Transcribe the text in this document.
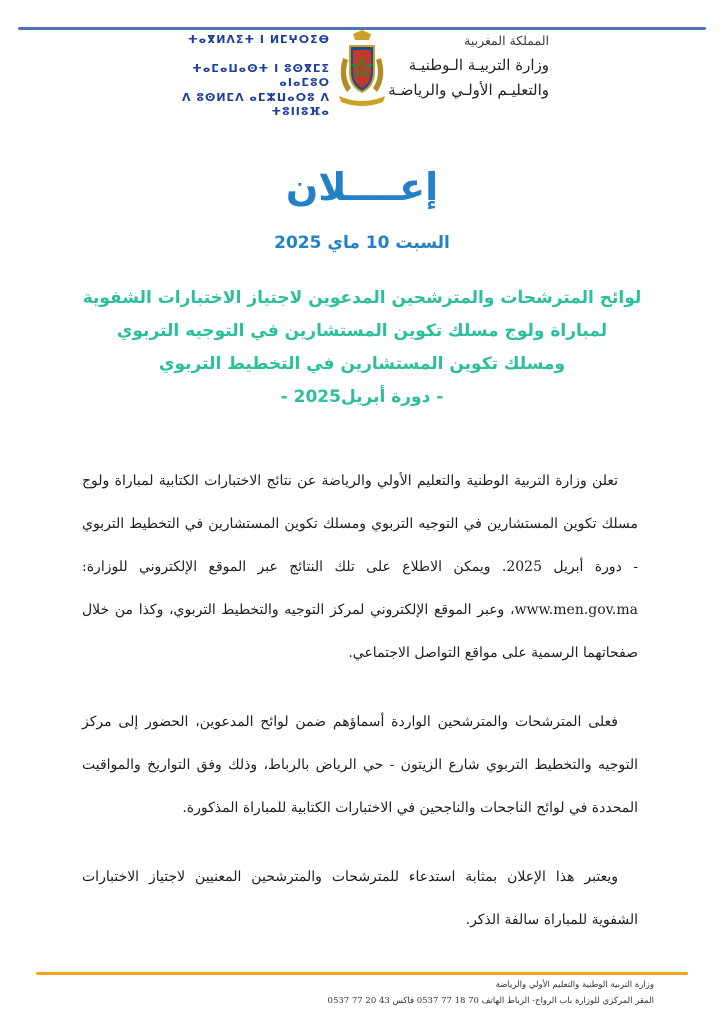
ⵜⴰⴳⵍⴷⵉⵜ ⵏ ⵍⵎⵖⵔⵉⴱ
ⵜⴰⵎⴰⵡⴰⵙⵜ ⵏ ⵓⵙⴳⵎⵉ ⴰⵏⴰⵎⵓⵔ
ⴷ ⵓⵙⵍⵎⴷ ⴰⵎⵣⵡⴰⵔⵓ ⴷ ⵜⵓⵏⵏⵓⴼⴰ
المملكة المغربية
وزارة التربيـة الـوطنيـة
والتعليـم الأولـي والرياضـة
إعــــلان
السبت 10 ماي 2025
لوائح المترشحات والمترشحين المدعوين لاجتياز الاختبارات الشفوية
لمباراة ولوج مسلك تكوين المستشارين في التوجيه التربوي
ومسلك تكوين المستشارين في التخطيط التربوي
- دورة أبريل2025 -

تعلن وزارة التربية الوطنية والتعليم الأولي والرياضة عن نتائج الاختبارات الكتابية لمباراة ولوج مسلك تكوين المستشارين في التوجيه التربوي ومسلك تكوين المستشارين في التخطيط التربوي - دورة أبريل 2025. ويمكن الاطلاع على تلك النتائج عبر الموقع الإلكتروني للوزارة: www.men.gov.ma، وعبر الموقع الإلكتروني لمركز التوجيه والتخطيط التربوي، وكذا من خلال صفحاتهما الرسمية على مواقع التواصل الاجتماعي.

فعلى المترشحات والمترشحين الواردة أسماؤهم ضمن لوائح المدعوين، الحضور إلى مركز التوجيه والتخطيط التربوي شارع الزيتون - حي الرياض بالرباط، وذلك وفق التواريخ والمواقيت المحددة في لوائح الناجحات والناجحين في الاختبارات الكتابية للمباراة المذكورة.

ويعتبر هذا الإعلان بمثابة استدعاء للمترشحات والمترشحين المعنيين لاجتياز الاختبارات الشفوية للمباراة سالفة الذكر.

وزارة التربية الوطنية والتعليم الأولي والرياضة
المقر المركزي للوزارة باب الرواح- الرباط الهاتف 70 18 77 0537 فاكس 43 20 77 0537
